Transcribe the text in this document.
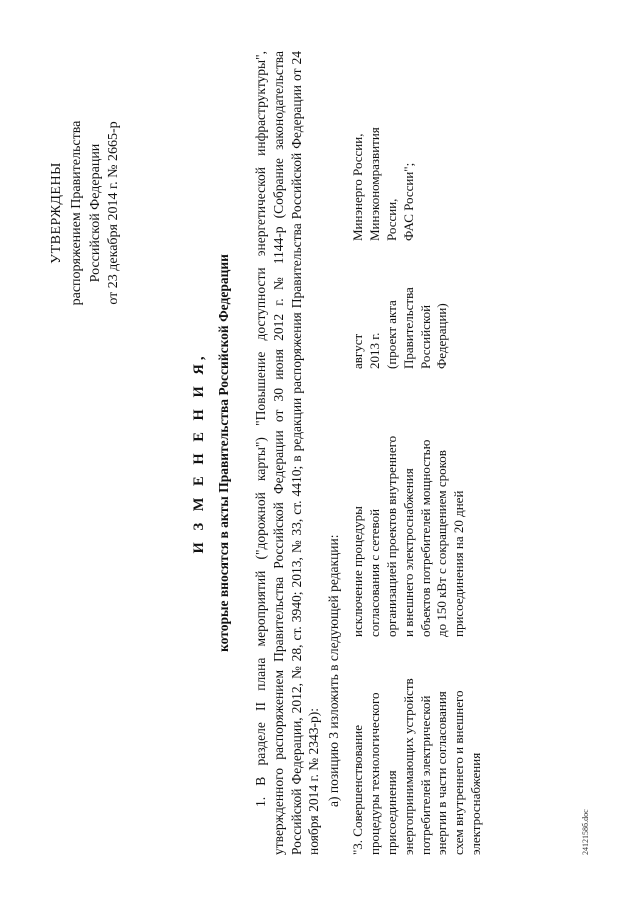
УТВЕРЖДЕНЫ распоряжением Правительства Российской Федерации от 23 декабря 2014 г. № 2665-р
И З М Е Н Е Н И Я, которые вносятся в акты Правительства Российской Федерации 1. В разделе II плана мероприятий ("дорожной карты") "Повышение доступности энергетической инфраструктуры", утвержденного распоряжением Правительства Российской Федерации от 30 июня 2012 г. № 1144-р (Собрание законодательства Российской Федерации, 2012, № 28, ст. 3940; 2013, № 33, ст. 4410; в редакции распоряжения Правительства Российской Федерации от 24 ноября 2014 г. № 2343-р): а) позицию 3 изложить в следующей редакции:

"3. Совершенствование
процедуры технологического
присоединения
энергопринимающих устройств
потребителей электрической
энергии в части согласования
схем внутреннего и внешнего
электроснабжения
исключение процедуры
согласования с сетевой
организацией проектов внутреннего
и внешнего электроснабжения
объектов потребителей мощностью
до 150 кВт с сокращением сроков
присоединения на 20 дней
август
2013 г.
(проект акта
Правительства
Российской
Федерации)
Минэнерго России,
Минэкономразвития
России,
ФАС России";
2412158б.doc
